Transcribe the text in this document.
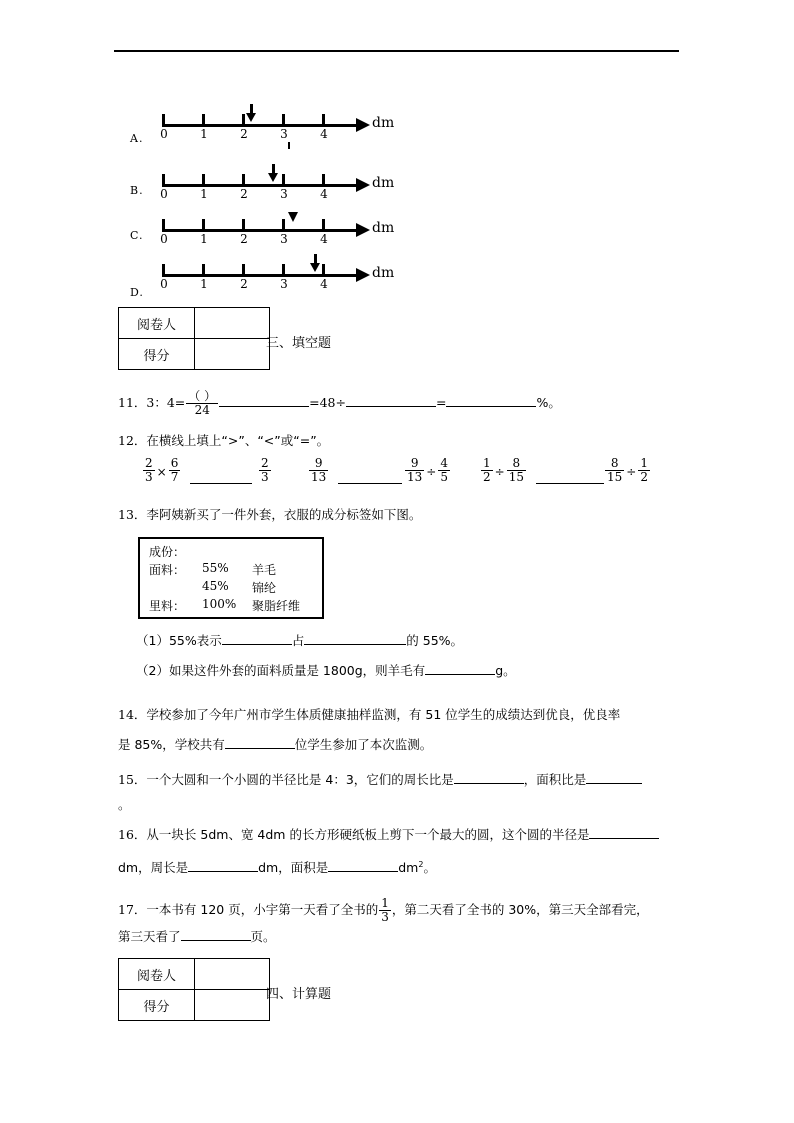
A. 0	1	2	3	4
dm
B. 0	1	2	3	4
dm
C. 0	1	2	3	4
dm
D.
0	1	2	3	4
dm
阅卷人	
得分	
三、填空题
11．3：$4= \frac{( )}{24}$	=48÷	=	%。
12．在横线上填上“>”、“<”或“=”。
$\frac{2}{3} \times \frac{6}{7}$	$\frac{2}{3}$	$\frac{9}{13}$	$\frac{9}{13} \div \frac{4}{5}$	$\frac{1}{2} \div \frac{8}{15}$	$\frac{8}{15} \div \frac{1}{2}$
13．李阿姨新买了一件外套，衣服的成分标签如下图。
成份：
面料： 55% 羊毛
45% 锦纶
里料： 100% 聚脂纤维
（1）55%表示	占	的 55%。
（2）如果这件外套的面料质量是 1800g，则羊毛有	g。
14．学校参加了今年广州市学生体质健康抽样监测，有 51 位学生的成绩达到优良，优良率
是 85%，学校共有	位学生参加了本次监测。
15．一个大圆和一个小圆的半径比是 4：3，它们的周长比是	，面积比是
。
16．从一块长 5dm、宽 4dm 的长方形硬纸板上剪下一个最大的圆，这个圆的半径是
dm，周长是	dm，面积是	$dm^2$。
17．一本书有 120 页，小宇第一天看了全书的 $\frac{1}{3}$ ，第二天看了全书的 30%，第三天全部看完，
第三天看了	页。
阅卷人	
得分	
四、计算题
